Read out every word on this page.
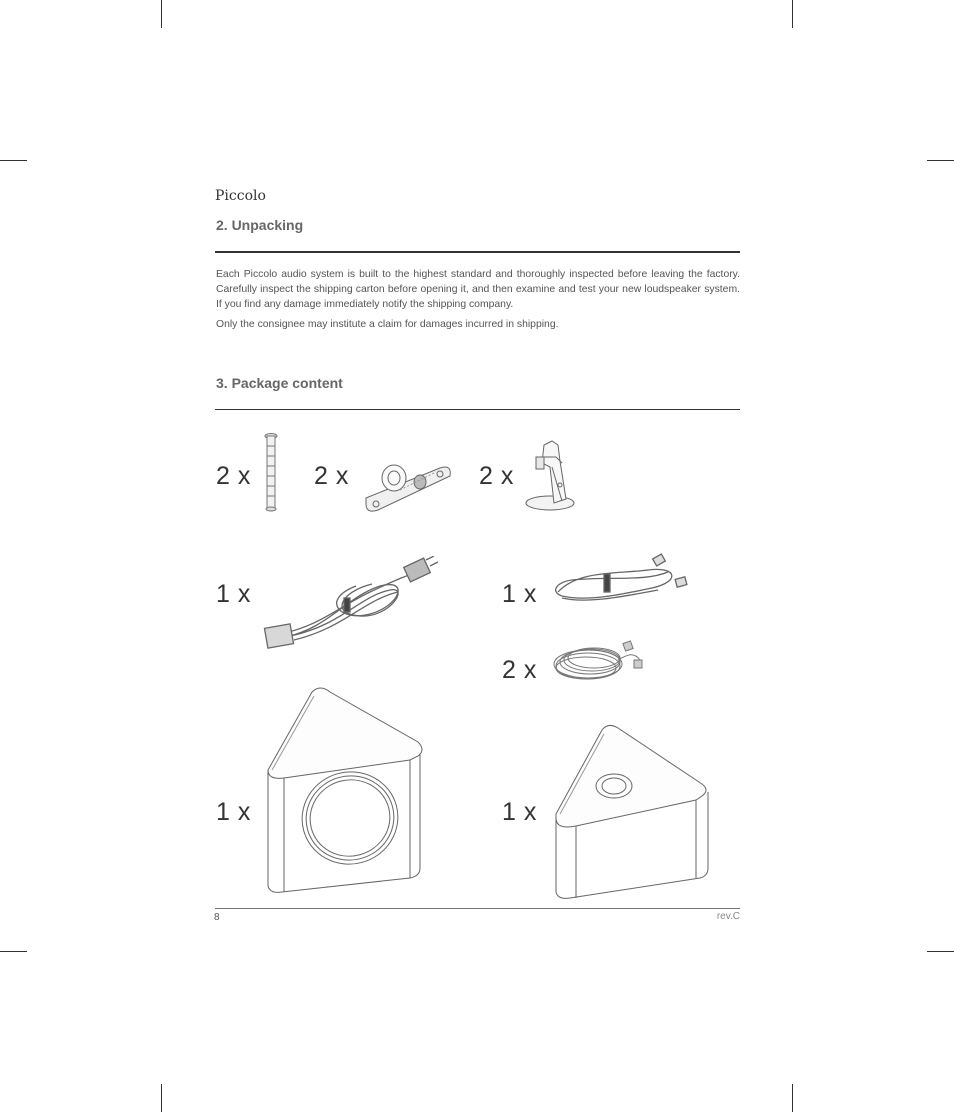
Piccolo
2. Unpacking
Each Piccolo audio system is built to the highest standard and thoroughly inspected before leaving the factory. Carefully inspect the shipping carton before opening it, and then examine and test your new loudspeaker system. If you find any damage immediately notify the shipping company.
Only the consignee may institute a claim for damages incurred in shipping.
3. Package content
2 x	2 x	2 x
1 x	1 x
2 x
1 x	1 x
8	rev.C
